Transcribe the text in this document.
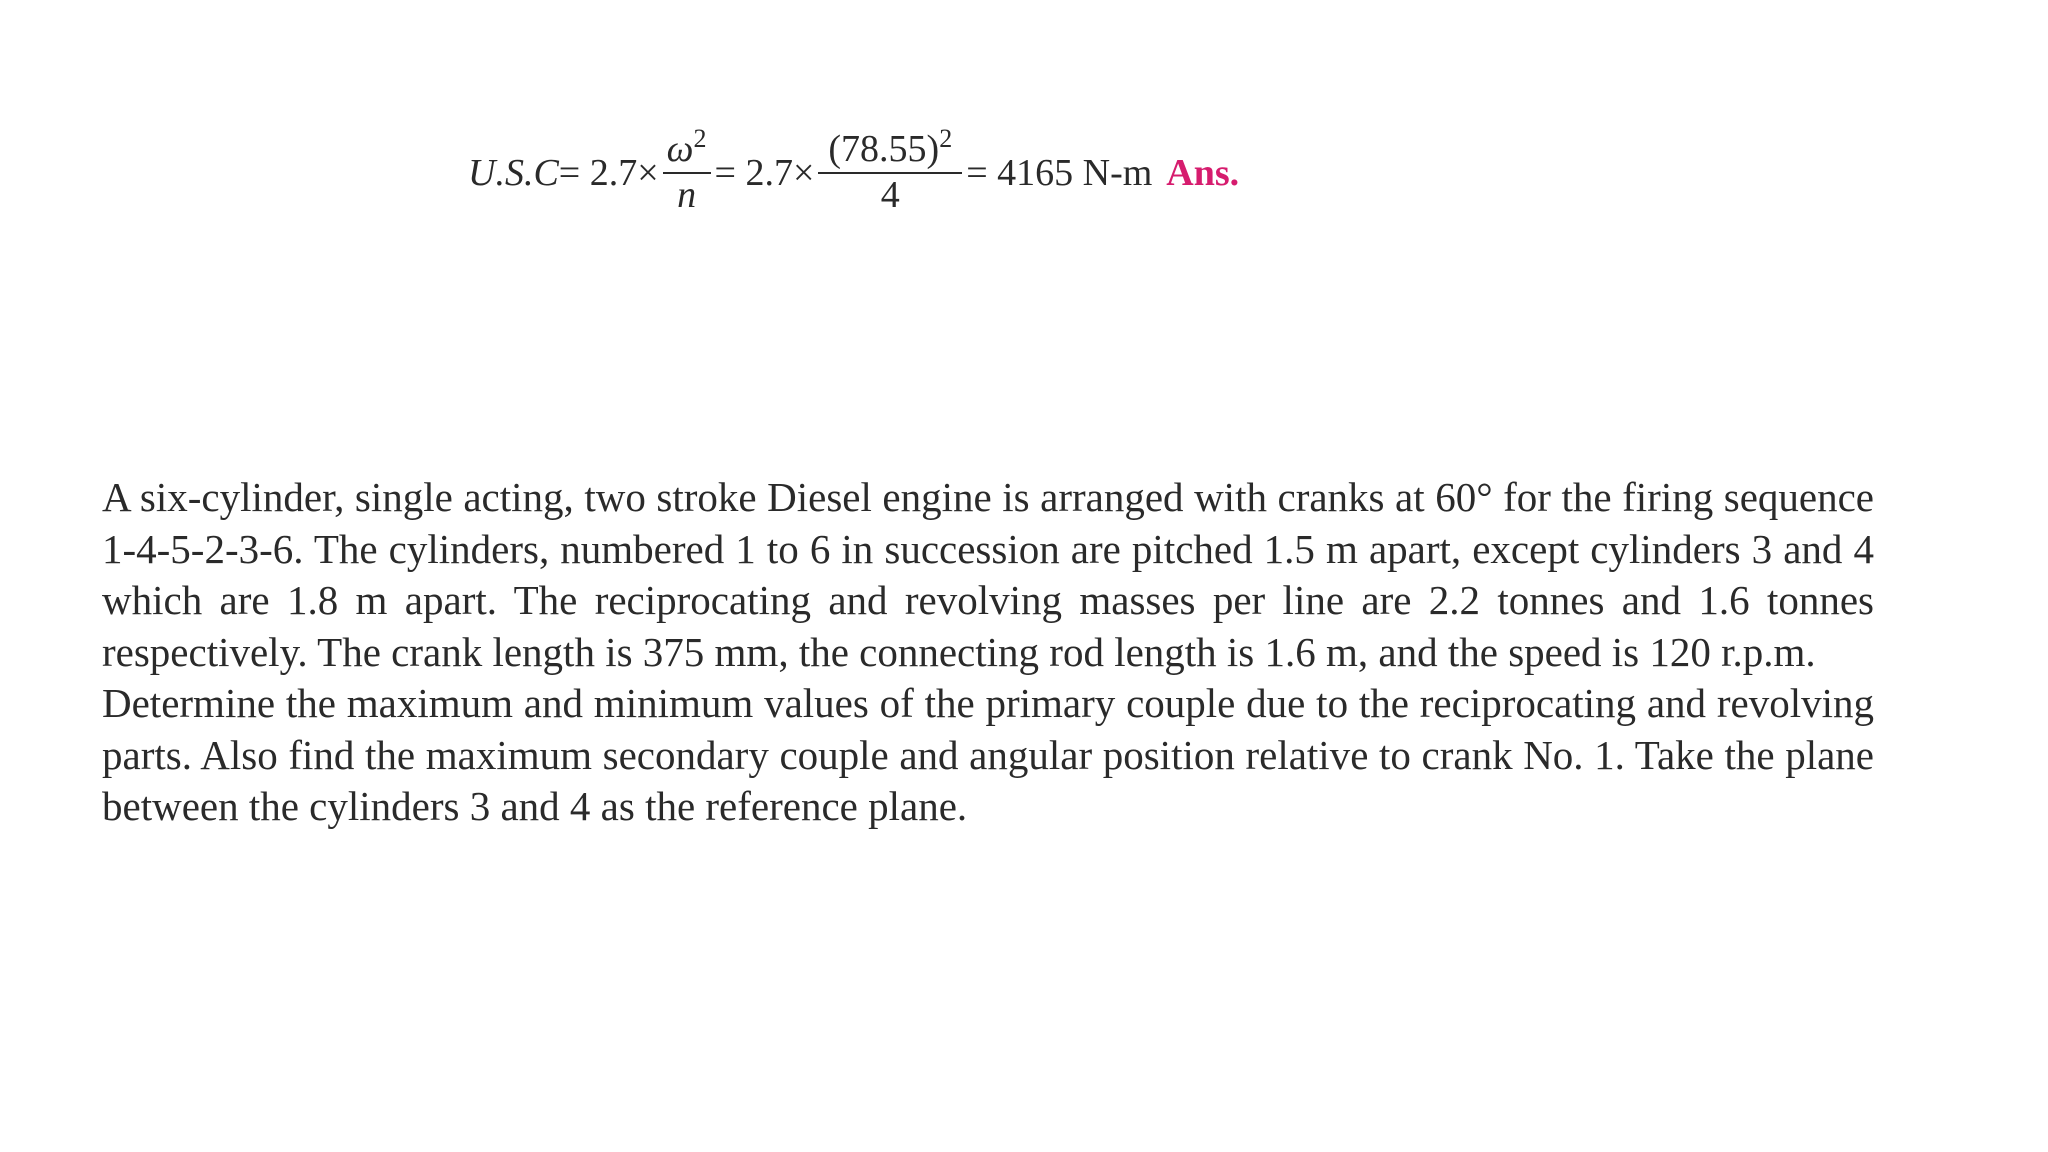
$U.S.C = 2.7\times \frac{\omega^2}{n} = 2.7\times \frac{(78.55)^2}{4} = 4165$ N-m Ans.

A six-cylinder, single acting, two stroke Diesel engine is arranged with cranks at 60° for the firing sequence 1-4-5-2-3-6. The cylinders, numbered 1 to 6 in succession are pitched 1.5 m apart, except cylinders 3 and 4 which are 1.8 m apart. The reciprocating and revolving masses per line are 2.2 tonnes and 1.6 tonnes respectively. The crank length is 375 mm, the connecting rod length is 1.6 m, and the speed is 120 r.p.m.

Determine the maximum and minimum values of the primary couple due to the reciprocating and revolving parts. Also find the maximum secondary couple and angular position relative to crank No. 1. Take the plane between the cylinders 3 and 4 as the reference plane.
